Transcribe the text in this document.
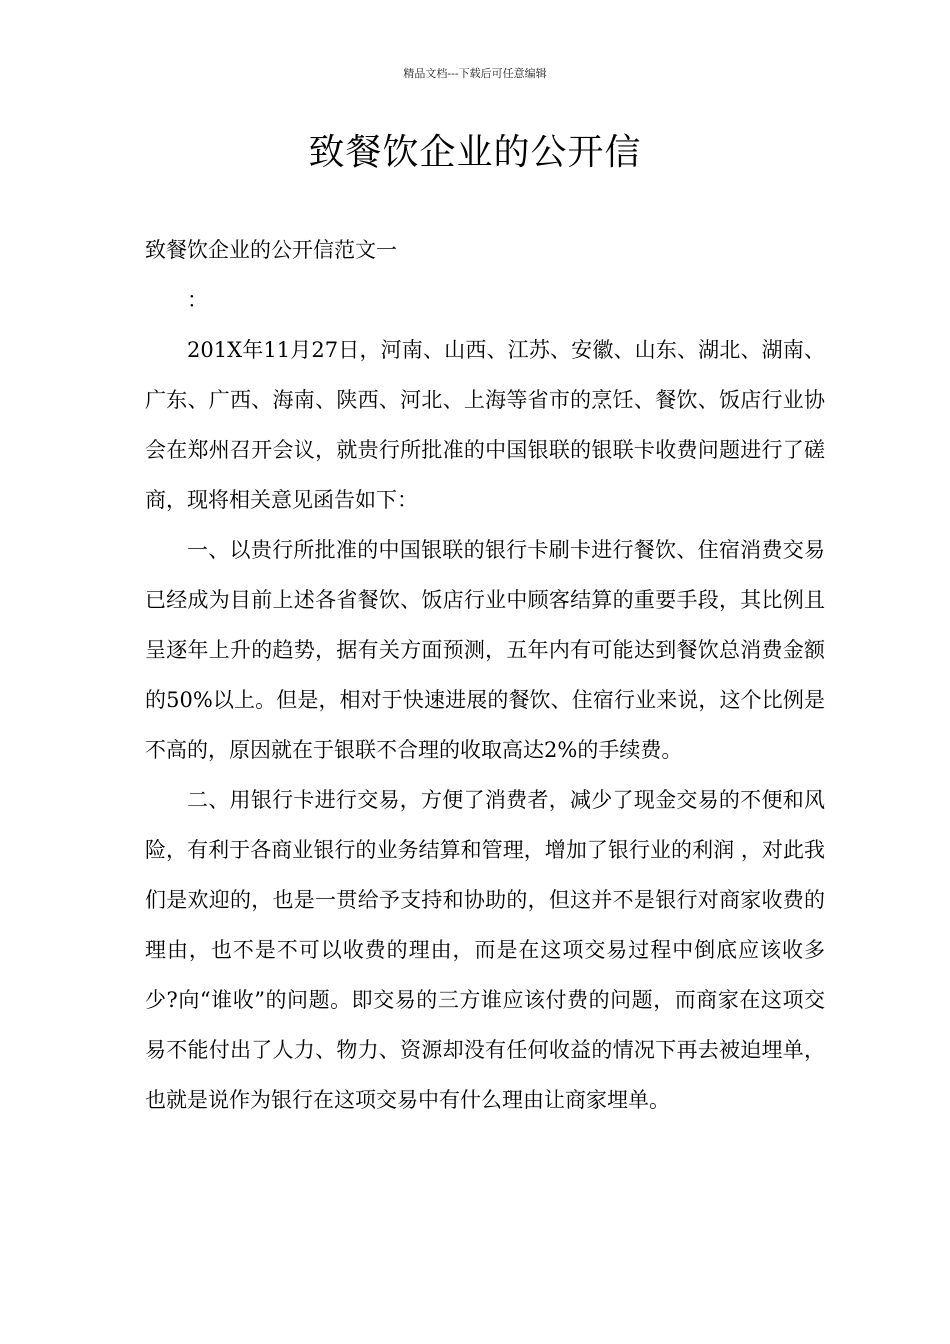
精品文档---下载后可任意编辑
致餐饮企业的公开信

致餐饮企业的公开信范文一

：

201X年11月27日，河南、山西、江苏、安徽、山东、湖北、湖南、广东、广西、海南、陕西、河北、上海等省市的烹饪、餐饮、饭店行业协会在郑州召开会议，就贵行所批准的中国银联的银联卡收费问题进行了磋商，现将相关意见函告如下：

一、以贵行所批准的中国银联的银行卡刷卡进行餐饮、住宿消费交易已经成为目前上述各省餐饮、饭店行业中顾客结算的重要手段，其比例且呈逐年上升的趋势，据有关方面预测，五年内有可能达到餐饮总消费金额的50%以上。但是，相对于快速进展的餐饮、住宿行业来说，这个比例是不高的，原因就在于银联不合理的收取高达2%的手续费。

二、用银行卡进行交易，方便了消费者，减少了现金交易的不便和风险，有利于各商业银行的业务结算和管理，增加了银行业的利润 ，对此我们是欢迎的，也是一贯给予支持和协助的，但这并不是银行对商家收费的理由，也不是不可以收费的理由，而是在这项交易过程中倒底应该收多少?向“谁收”的问题。即交易的三方谁应该付费的问题，而商家在这项交易不能付出了人力、物力、资源却没有任何收益的情况下再去被迫埋单，也就是说作为银行在这项交易中有什么理由让商家埋单。
